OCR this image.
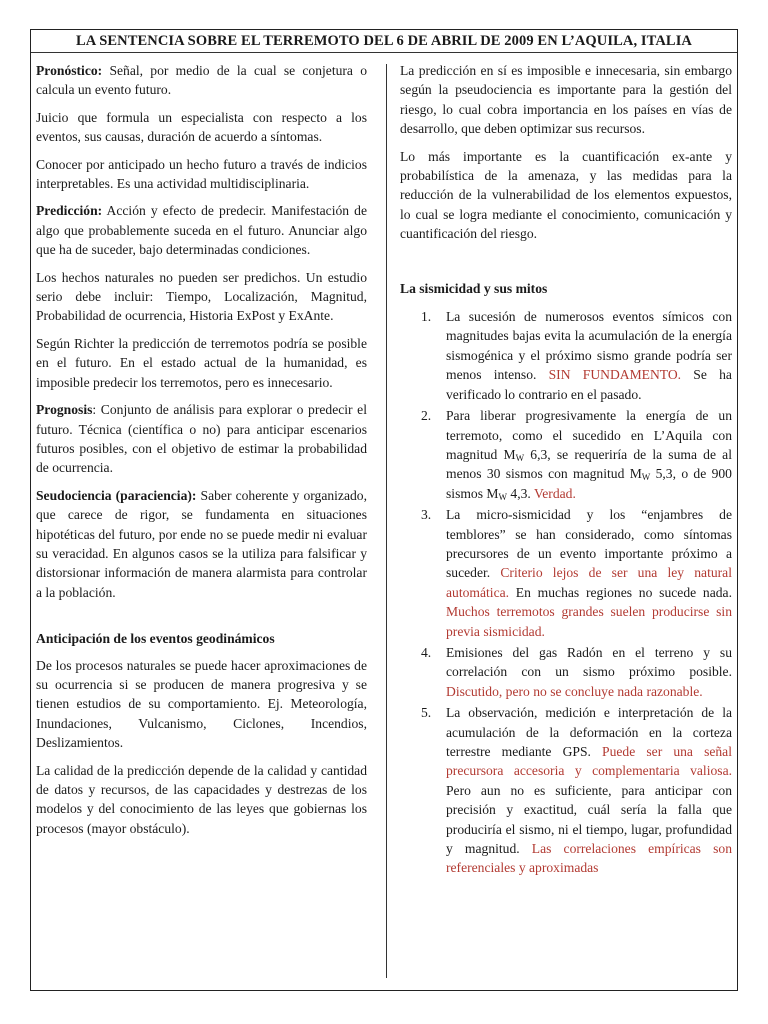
LA SENTENCIA SOBRE EL TERREMOTO DEL 6 DE ABRIL DE 2009 EN L’AQUILA, ITALIA

Pronóstico: Señal, por medio de la cual se conjetura o calcula un evento futuro.

Juicio que formula un especialista con respecto a los eventos, sus causas, duración de acuerdo a síntomas.

Conocer por anticipado un hecho futuro a través de indicios interpretables. Es una actividad multidisciplinaria.

Predicción: Acción y efecto de predecir. Manifestación de algo que probablemente suceda en el futuro. Anunciar algo que ha de suceder, bajo determinadas condiciones.

Los hechos naturales no pueden ser predichos. Un estudio serio debe incluir: Tiempo, Localización, Magnitud, Probabilidad de ocurrencia, Historia ExPost y ExAnte.

Según Richter la predicción de terremotos podría se posible en el futuro. En el estado actual de la humanidad, es imposible predecir los terremotos, pero es innecesario.

Prognosis: Conjunto de análisis para explorar o predecir el futuro. Técnica (científica o no) para anticipar escenarios futuros posibles, con el objetivo de estimar la probabilidad de ocurrencia.

Seudociencia (paraciencia): Saber coherente y organizado, que carece de rigor, se fundamenta en situaciones hipotéticas del futuro, por ende no se puede medir ni evaluar su veracidad. En algunos casos se la utiliza para falsificar y distorsionar información de manera alarmista para controlar a la población.

Anticipación de los eventos geodinámicos

De los procesos naturales se puede hacer aproximaciones de su ocurrencia si se producen de manera progresiva y se tienen estudios de su comportamiento. Ej. Meteorología, Inundaciones, Vulcanismo, Ciclones, Incendios, Deslizamientos.

La calidad de la predicción depende de la calidad y cantidad de datos y recursos, de las capacidades y destrezas de los modelos y del conocimiento de las leyes que gobiernas los procesos (mayor obstáculo).

La predicción en sí es imposible e innecesaria, sin embargo según la pseudociencia es importante para la gestión del riesgo, lo cual cobra importancia en los países en vías de desarrollo, que deben optimizar sus recursos.

Lo más importante es la cuantificación ex-ante y probabilística de la amenaza, y las medidas para la reducción de la vulnerabilidad de los elementos expuestos, lo cual se logra mediante el conocimiento, comunicación y cuantificación del riesgo.

La sismicidad y sus mitos
1. La sucesión de numerosos eventos símicos con magnitudes bajas evita la acumulación de la energía sismogénica y el próximo sismo grande podría ser menos intenso. SIN FUNDAMENTO. Se ha verificado lo contrario en el pasado.
2. Para liberar progresivamente la energía de un terremoto, como el sucedido en L’Aquila con magnitud $M_W$ 6,3, se requeriría de la suma de al menos 30 sismos con magnitud $M_W$ 5,3, o de 900 sismos $M_W$ 4,3. Verdad.
3. La micro-sismicidad y los “enjambres de temblores” se han considerado, como síntomas precursores de un evento importante próximo a suceder. Criterio lejos de ser una ley natural automática. En muchas regiones no sucede nada. Muchos terremotos grandes suelen producirse sin previa sismicidad.
4. Emisiones del gas Radón en el terreno y su correlación con un sismo próximo posible. Discutido, pero no se concluye nada razonable.
5. La observación, medición e interpretación de la acumulación de la deformación en la corteza terrestre mediante GPS. Puede ser una señal precursora accesoria y complementaria valiosa. Pero aun no es suficiente, para anticipar con precisión y exactitud, cuál sería la falla que produciría el sismo, ni el tiempo, lugar, profundidad y magnitud. Las correlaciones empíricas son referenciales y aproximadas
